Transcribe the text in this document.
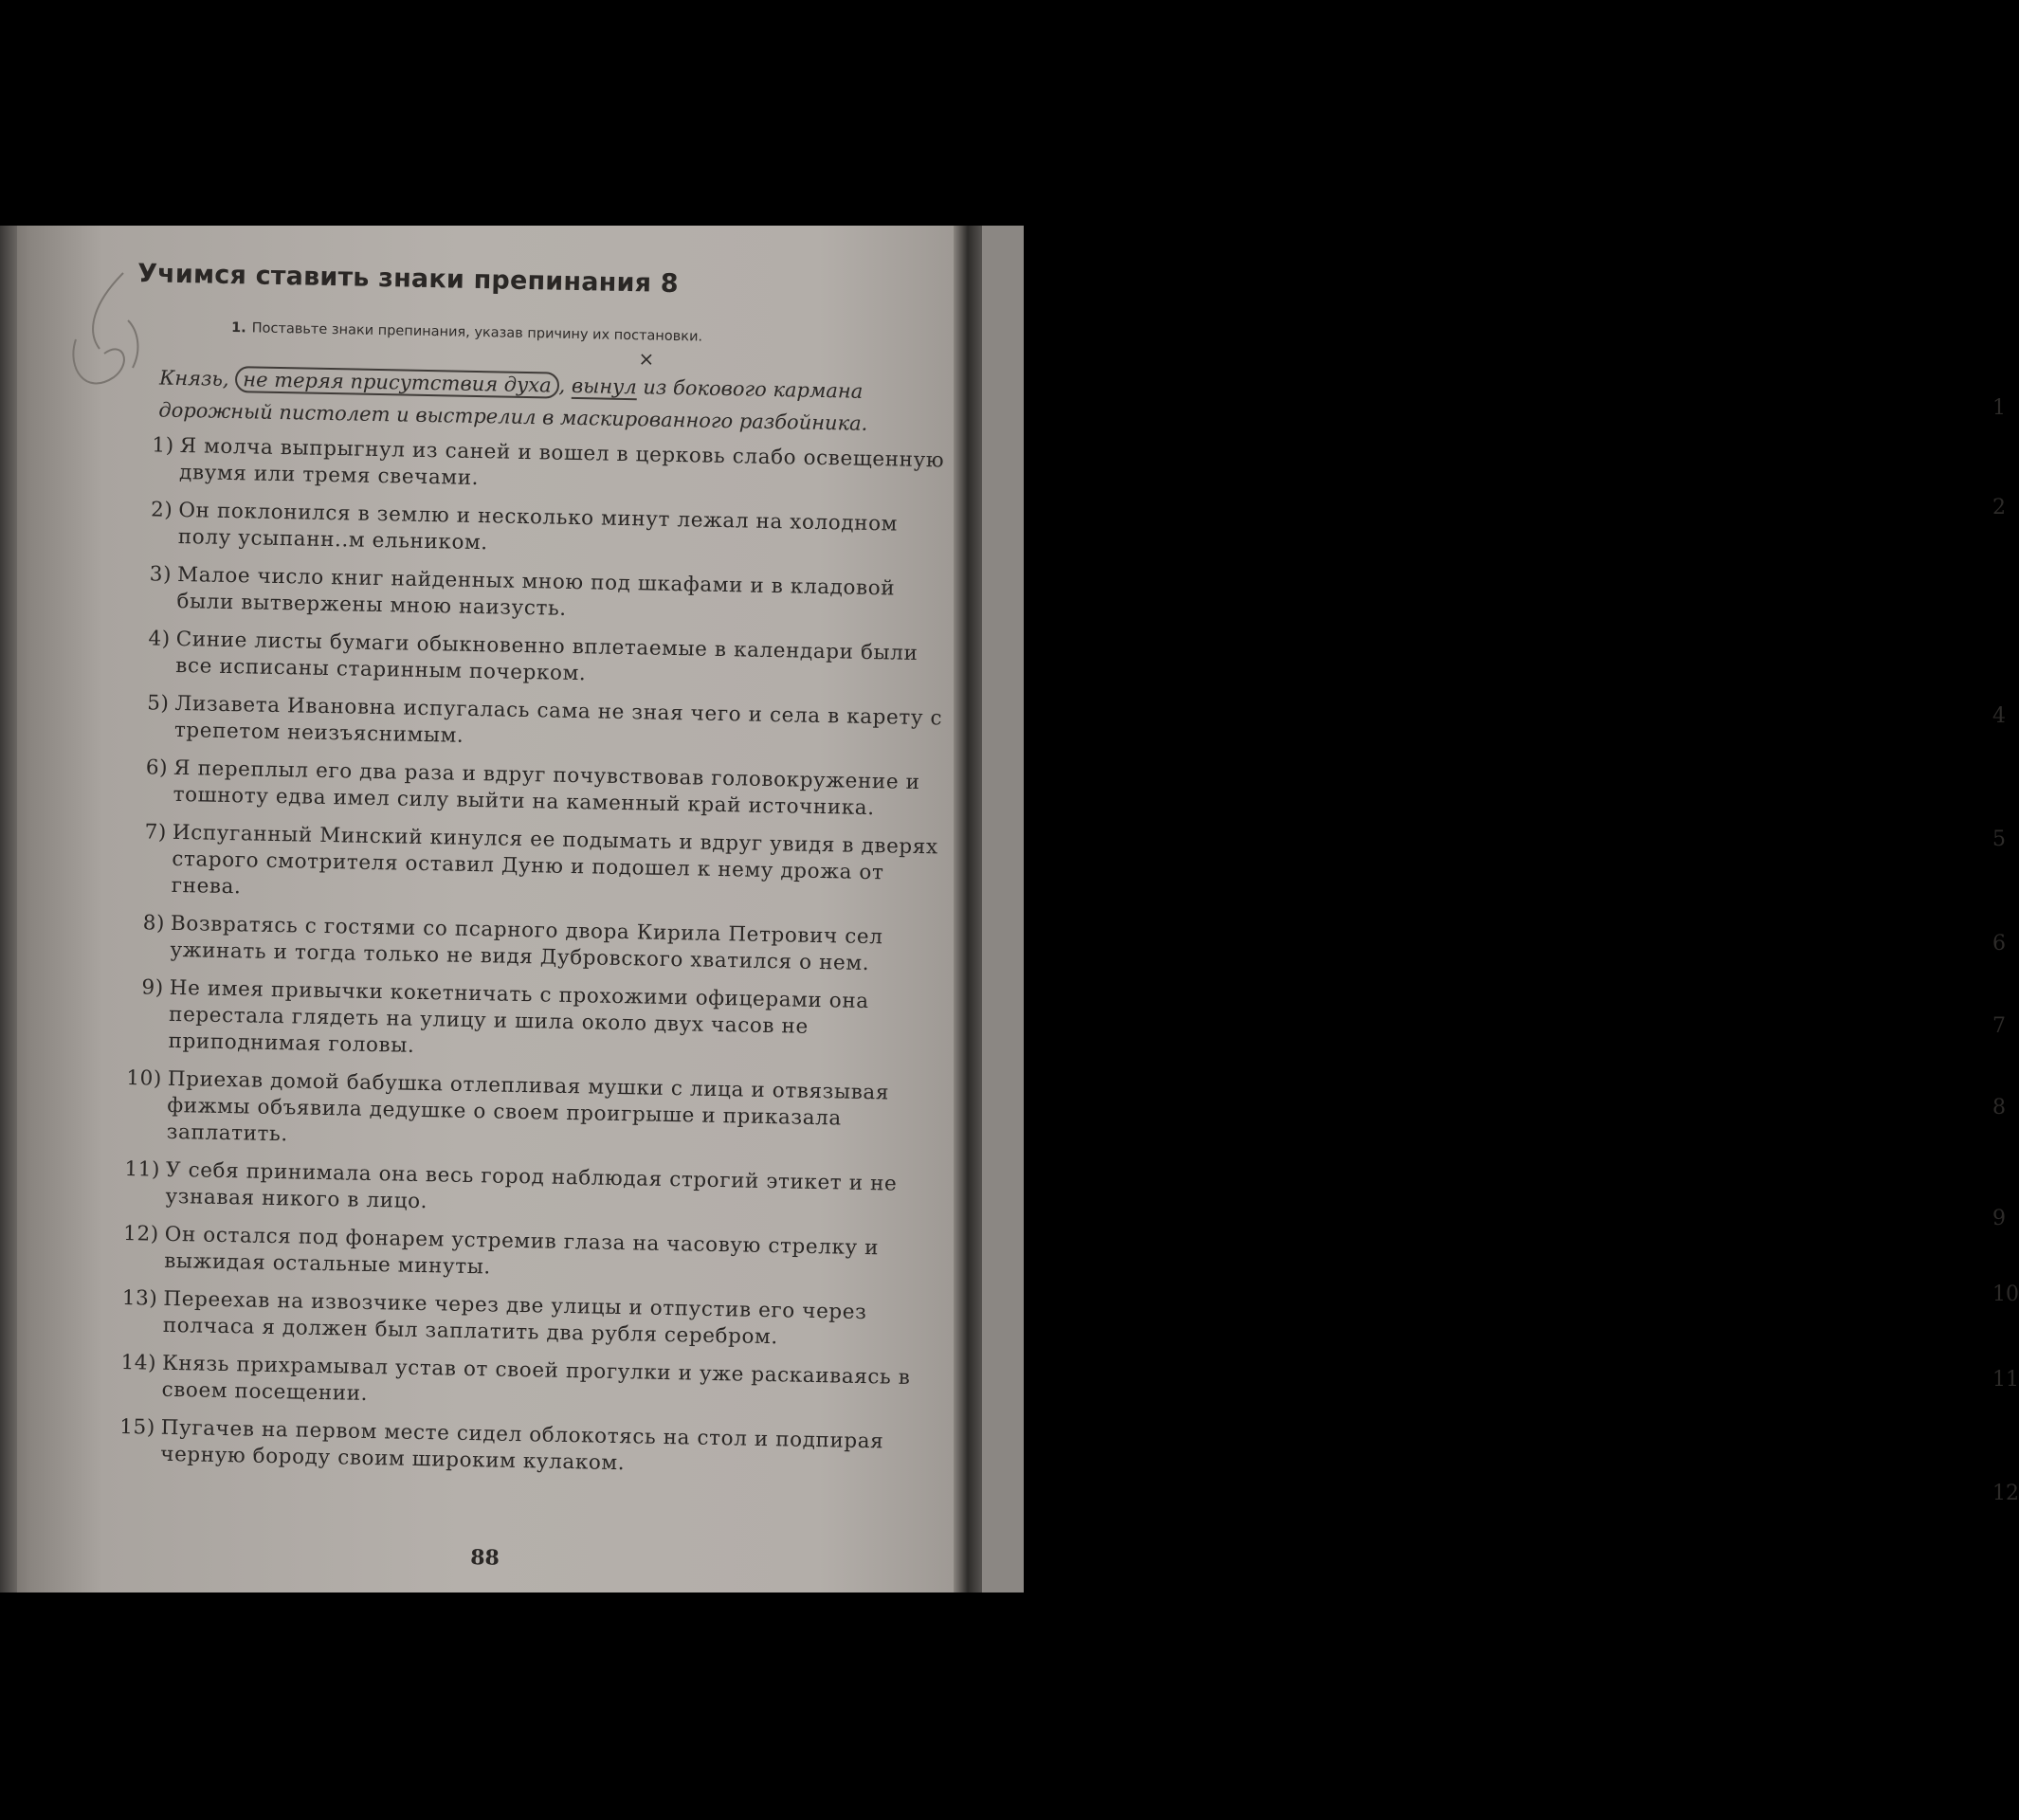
Учимся ставить знаки препинания 8
1. Поставьте знаки препинания, указав причину их постановки.
×
Князь, не теряя присутствия духа , вынул из бокового кармана дорожный пистолет и выстрелил в маскированного разбойника.
1) Я молча выпрыгнул из саней и вошел в церковь слабо освещенную двумя или тремя свечами.
2) Он поклонился в землю и несколько минут лежал на холодном полу усыпанн..м ельником.
3) Малое число книг найденных мною под шкафами и в кладовой были вытвержены мною наизусть.
4) Синие листы бумаги обыкновенно вплетаемые в календари были все исписаны старинным почерком.
5) Лизавета Ивановна испугалась сама не зная чего и села в карету с трепетом неизъяснимым.
6) Я переплыл его два раза и вдруг почувствовав головокружение и тошноту едва имел силу выйти на каменный край источника.
7) Испуганный Минский кинулся ее подымать и вдруг увидя в дверях старого смотрителя оставил Дуню и подошел к нему дрожа от гнева.
8) Возвратясь с гостями со псарного двора Кирила Петрович сел ужинать и тогда только не видя Дубровского хватился о нем.
9) Не имея привычки кокетничать с прохожими офицерами она перестала глядеть на улицу и шила около двух часов не приподнимая головы.
10) Приехав домой бабушка отлепливая мушки с лица и отвязывая фижмы объявила дедушке о своем проигрыше и приказала заплатить.
11) У себя принимала она весь город наблюдая строгий этикет и не узнавая никого в лицо.
12) Он остался под фонарем устремив глаза на часовую стрелку и выжидая остальные минуты.
13) Переехав на извозчике через две улицы и отпустив его через полчаса я должен был заплатить два рубля серебром.
14) Князь прихрамывал устав от своей прогулки и уже раскаиваясь в своем посещении.
15) Пугачев на первом месте сидел облокотясь на стол и подпирая черную бороду своим широким кулаком.
88
1
2
4
5
6
7
8
9
10
11
12
